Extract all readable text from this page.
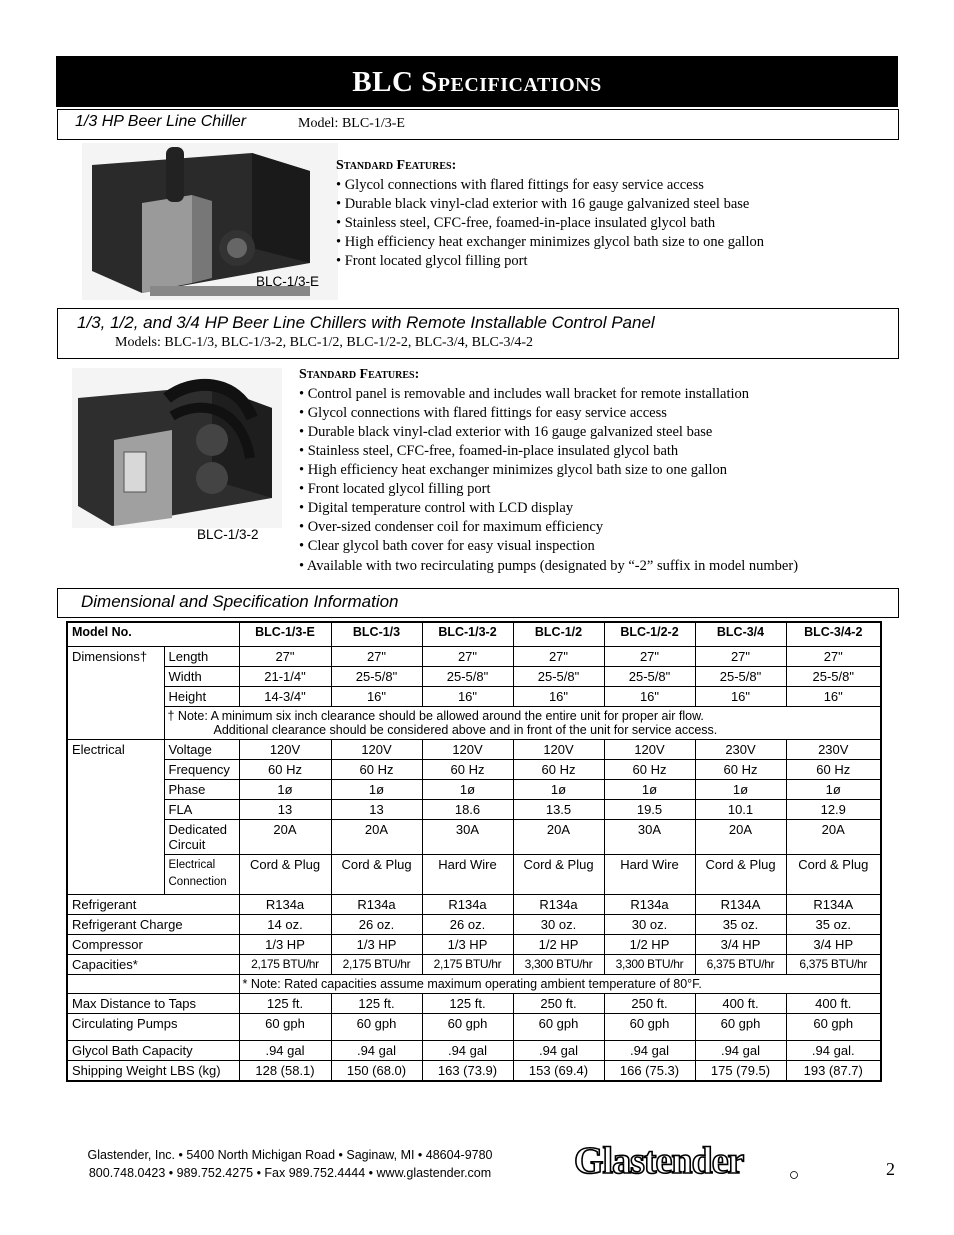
BLC Specifications
1/3 HP Beer Line Chiller	Model: BLC-1/3-E
BLC-1/3-E
Standard Features:
• Glycol connections with flared fittings for easy service access
• Durable black vinyl-clad exterior with 16 gauge galvanized steel base
• Stainless steel, CFC-free, foamed-in-place insulated glycol bath
• High efficiency heat exchanger minimizes glycol bath size to one gallon
• Front located glycol filling port
1/3, 1/2, and 3/4 HP Beer Line Chillers with Remote Installable Control Panel
Models: BLC-1/3, BLC-1/3-2, BLC-1/2, BLC-1/2-2, BLC-3/4, BLC-3/4-2
BLC-1/3-2
Standard Features:
• Control panel is removable and includes wall bracket for remote installation
• Glycol connections with flared fittings for easy service access
• Durable black vinyl-clad exterior with 16 gauge galvanized steel base
• Stainless steel, CFC-free, foamed-in-place insulated glycol bath
• High efficiency heat exchanger minimizes glycol bath size to one gallon
• Front located glycol filling port
• Digital temperature control with LCD display
• Over-sized condenser coil for maximum efficiency
• Clear glycol bath cover for easy visual inspection
• Available with two recirculating pumps (designated by “-2” suffix in model number)
Dimensional and Specification Information
Model No.		BLC-1/3-E	BLC-1/3	BLC-1/3-2	BLC-1/2	BLC-1/2-2	BLC-3/4	BLC-3/4-2
Dimensions†	Length	27"	27"	27"	27"	27"	27"	27"
	Width	21-1/4"	25-5/8"	25-5/8"	25-5/8"	25-5/8"	25-5/8"	25-5/8"
	Height	14-3/4"	16"	16"	16"	16"	16"	16"

	† Note: A minimum six inch clearance should be allowed around the entire unit for proper air flow.
Additional clearance should be considered above and in front of the unit for service access.							

Electrical	Voltage	120V	120V	120V	120V	120V	230V	230V
	Frequency	60 Hz	60 Hz	60 Hz	60 Hz	60 Hz	60 Hz	60 Hz
	Phase	1ø	1ø	1ø	1ø	1ø	1ø	1ø
	FLA	13	13	18.6	13.5	19.5	10.1	12.9

	Dedicated
Circuit	20A	20A	30A	20A	30A	20A	20A

	Electrical
Connection	Cord & Plug	Cord & Plug	Hard Wire	Cord & Plug	Hard Wire	Cord & Plug	Cord & Plug
Refrigerant		R134a	R134a	R134a	R134a	R134a	R134A	R134A
Refrigerant Charge		14 oz.	26 oz.	26 oz.	30 oz.	30 oz.	35 oz.	35 oz.
Compressor		1/3 HP	1/3 HP	1/3 HP	1/2 HP	1/2 HP	3/4 HP	3/4 HP
Capacities*		2,175 BTU/hr	2,175 BTU/hr	2,175 BTU/hr	3,300 BTU/hr	3,300 BTU/hr	6,375 BTU/hr	6,375 BTU/hr
		* Note: Rated capacities assume maximum operating ambient temperature of 80°F.						
Max Distance to Taps		125 ft.	125 ft.	125 ft.	250 ft.	250 ft.	400 ft.	400 ft.
Circulating Pumps		60 gph	60 gph	60 gph	60 gph	60 gph	60 gph	60 gph
Glycol Bath Capacity		.94 gal	.94 gal	.94 gal	.94 gal	.94 gal	.94 gal	.94 gal.
Shipping Weight LBS (kg)		128 (58.1)	150 (68.0)	163 (73.9)	153 (69.4)	166 (75.3)	175 (79.5)	193 (87.7)
Glastender, Inc. • 5400 North Michigan Road • Saginaw, MI • 48604-9780
800.748.0423 • 989.752.4275 • Fax 989.752.4444 • www.glastender.com	Glastender	2
